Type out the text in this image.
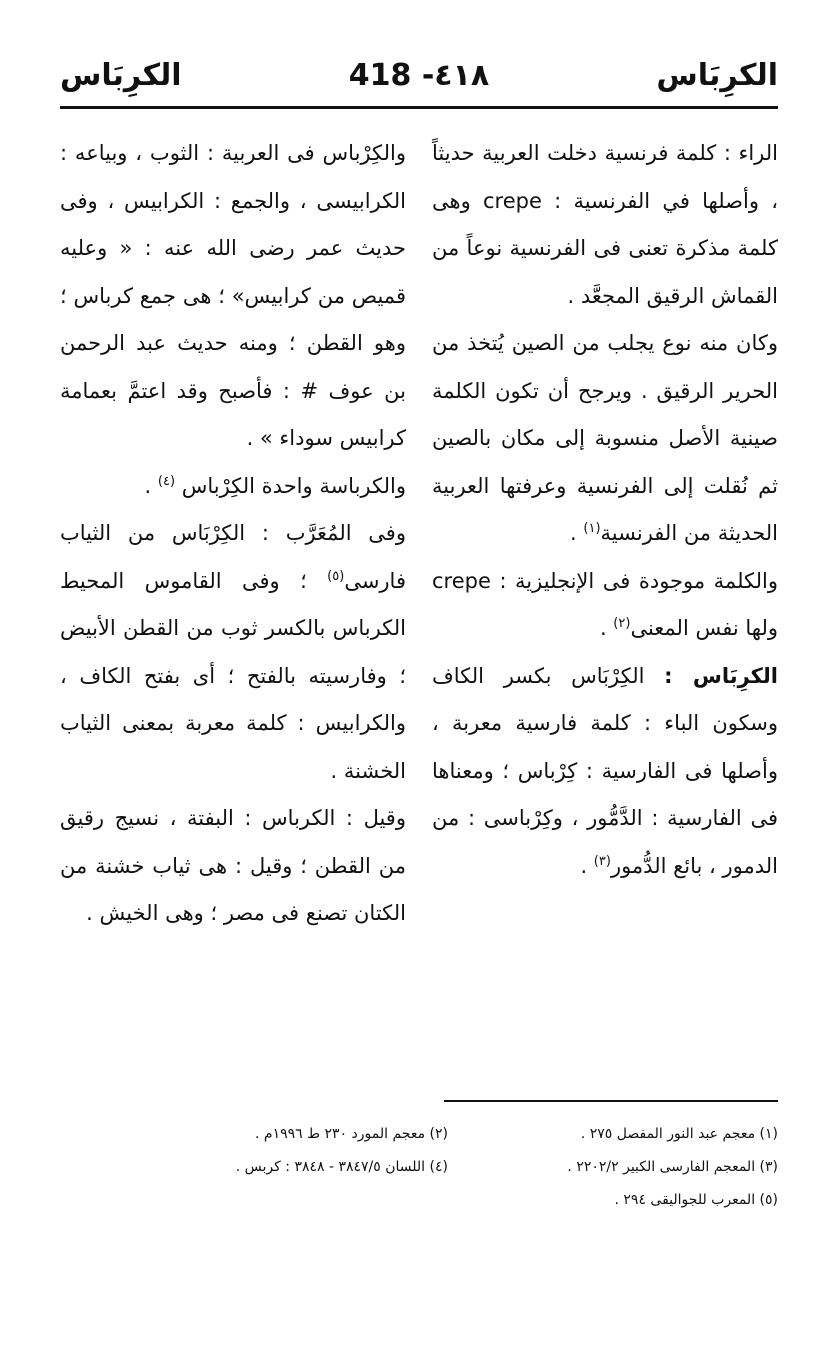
الكرِبَاس
418 -٤١٨
الكرِبَاس

الراء : كلمة فرنسية دخلت العربية حديثاً ، وأصلها في الفرنسية : crepe وهى كلمة مذكرة تعنى فى الفرنسية نوعاً من القماش الرقيق المجعَّد .

وكان منه نوع يجلب من الصين يُتخذ من الحرير الرقيق . ويرجح أن تكون الكلمة صينية الأصل منسوبة إلى مكان بالصين ثم نُقلت إلى الفرنسية وعرفتها العربية الحديثة من الفرنسية$^{(١)}$ .

والكلمة موجودة فى الإنجليزية : crepe ولها نفس المعنى$^{(٢)}$ .

الكرِبَاس : الكِرْبَاس بكسر الكاف وسكون الباء : كلمة فارسية معربة ، وأصلها فى الفارسية : كِرْباس ؛ ومعناها فى الفارسية : الدَّمُّور ، وكِرْباسى : من الدمور ، بائع الدُّمور$^{(٣)}$ .

والكِرْباس فى العربية : الثوب ، وبياعه : الكرابيسى ، والجمع : الكرابيس ، وفى حديث عمر رضى الله عنه : « وعليه قميص من كرابيس» ؛ هى جمع كرباس ؛ وهو القطن ؛ ومنه حديث عبد الرحمن بن عوف # : فأصبح وقد اعتمَّ بعمامة كرابيس سوداء » .

والكرباسة واحدة الكِرْباس $^{(٤)}$ .

وفى المُعَرَّب : الكِرْبَاس من الثياب فارسى$^{(٥)}$ ؛ وفى القاموس المحيط الكرباس بالكسر ثوب من القطن الأبيض ؛ وفارسيته بالفتح ؛ أى بفتح الكاف ، والكرابيس : كلمة معربة بمعنى الثياب الخشنة .

وقيل : الكرباس : البفتة ، نسيج رقيق من القطن ؛ وقيل : هى ثياب خشنة من الكتان تصنع فى مصر ؛ وهى الخيش .

(١) معجم عبد النور المفصل ٢٧٥ .
(٢) معجم المورد ٢٣٠ ط ١٩٩٦م .
(٣) المعجم الفارسى الكبير ٢٢٠٢/٢ .
(٤) اللسان ٣٨٤٧/٥ - ٣٨٤٨ : كربس .
(٥) المعرب للجواليقى ٢٩٤ .
